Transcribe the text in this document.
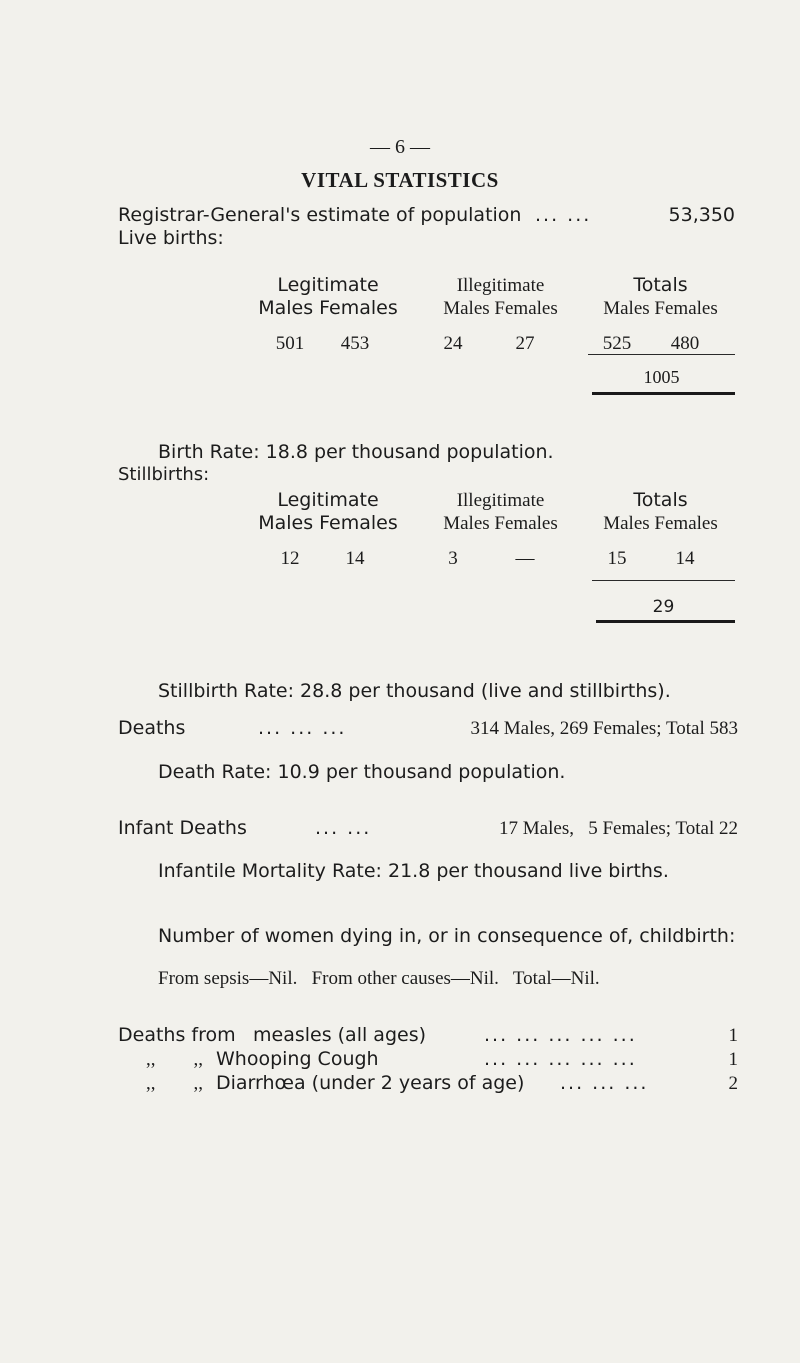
— 6 —
VITAL STATISTICS
Registrar-General's estimate of population ... ...	53,350
Live births:
Legitimate	Illegitimate	Totals
Males Females	Males Females	Males Females
501	453	24	27	525	480
1005
Birth Rate: 18.8 per thousand population.
Stillbirths:
Legitimate	Illegitimate	Totals
Males Females	Males Females	Males Females
12	14	3	—	15	14
29
Stillbirth Rate: 28.8 per thousand (live and stillbirths).
Deaths	... ... ...	314 Males, 269 Females; Total 583
Death Rate: 10.9 per thousand population.
Infant Deaths	... ...	17 Males,   5 Females; Total 22
Infantile Mortality Rate: 21.8 per thousand live births.
Number of women dying in, or in consequence of, childbirth:
From sepsis—Nil.   From other causes—Nil.   Total—Nil.
Deaths from measles (all ages)	... ... ... ... ...	1
,,        ,, Whooping Cough	... ... ... ... ...	1
,,        ,, Diarrhœa (under 2 years of age) ... ... ...	2
